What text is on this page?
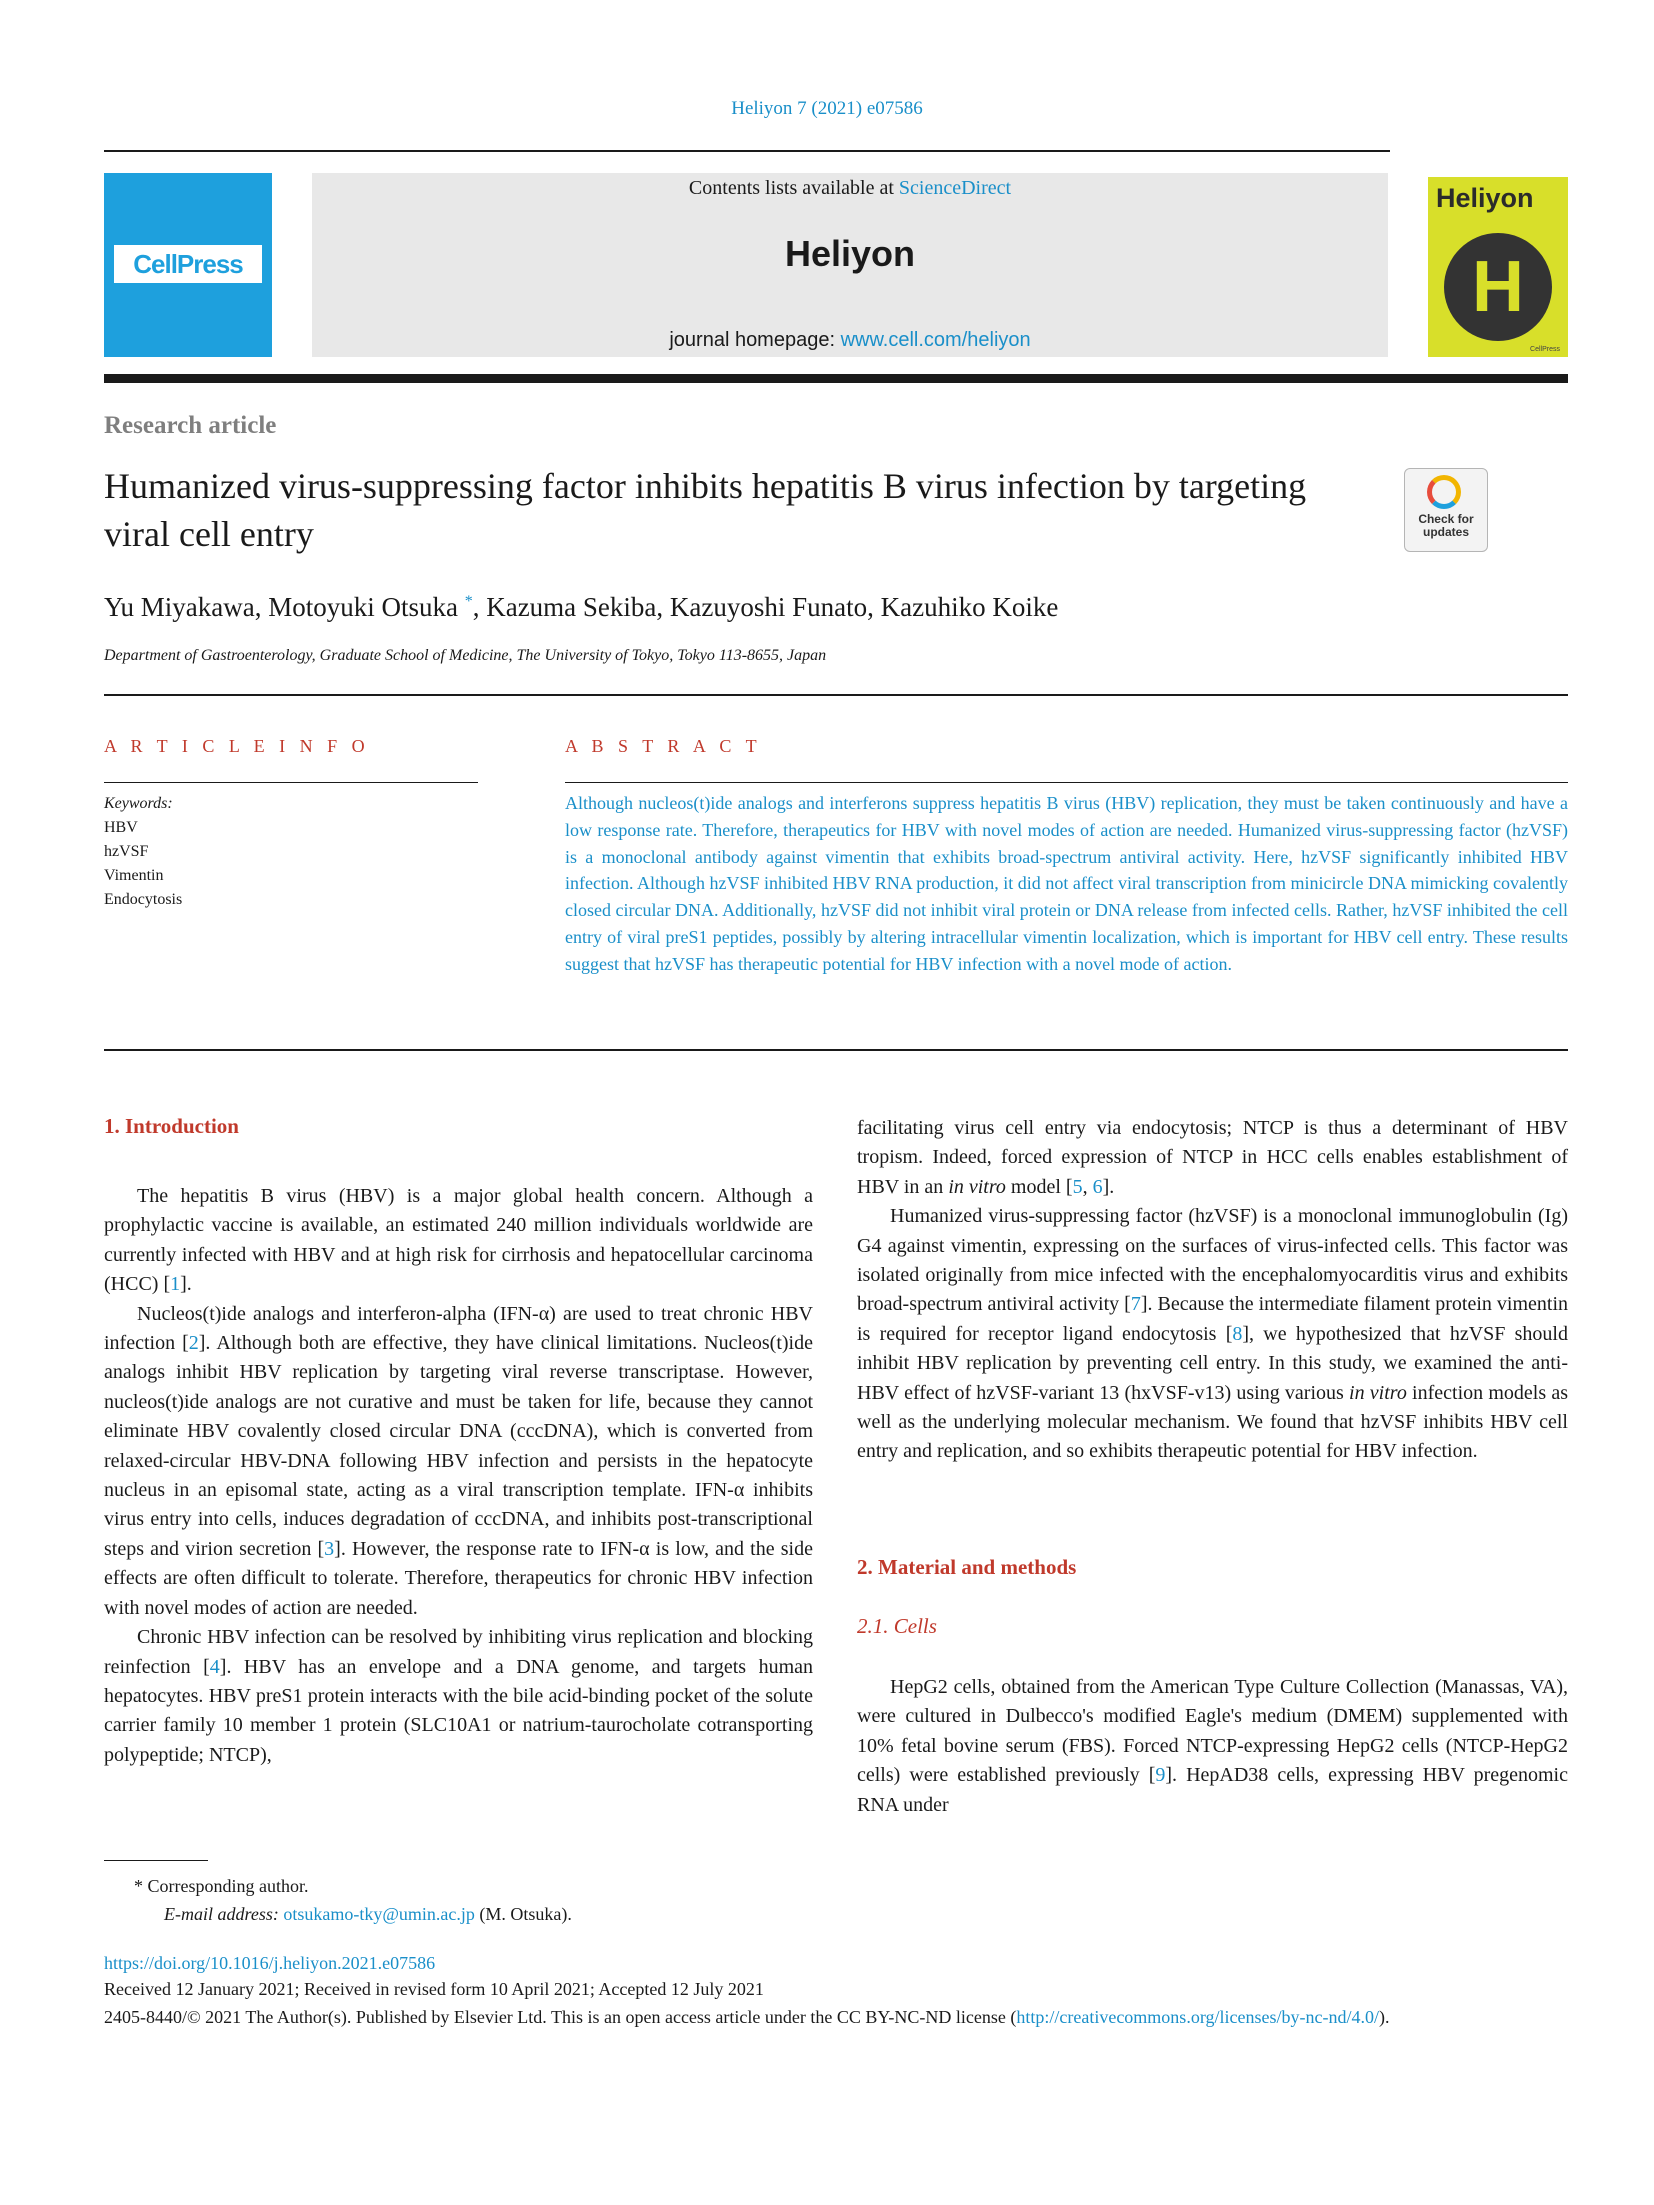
Heliyon 7 (2021) e07586
CellPress
Contents lists available at ScienceDirect
Heliyon
journal homepage: www.cell.com/heliyon
Heliyon
H
CellPress
Research article
Humanized virus-suppressing factor inhibits hepatitis B virus infection by targeting viral cell entry	Check for updates
Yu Miyakawa, Motoyuki Otsuka *, Kazuma Sekiba, Kazuyoshi Funato, Kazuhiko Koike
Department of Gastroenterology, Graduate School of Medicine, The University of Tokyo, Tokyo 113-8655, Japan
A R T I C L E I N F O	A B S T R A C T
Keywords:
HBV
hzVSF
Vimentin
Endocytosis
Although nucleos(t)ide analogs and interferons suppress hepatitis B virus (HBV) replication, they must be taken continuously and have a low response rate. Therefore, therapeutics for HBV with novel modes of action are needed. Humanized virus-suppressing factor (hzVSF) is a monoclonal antibody against vimentin that exhibits broad-spectrum antiviral activity. Here, hzVSF significantly inhibited HBV infection. Although hzVSF inhibited HBV RNA production, it did not affect viral transcription from minicircle DNA mimicking covalently closed circular DNA. Additionally, hzVSF did not inhibit viral protein or DNA release from infected cells. Rather, hzVSF inhibited the cell entry of viral preS1 peptides, possibly by altering intracellular vimentin localization, which is important for HBV cell entry. These results suggest that hzVSF has therapeutic potential for HBV infection with a novel mode of action.
1. Introduction

The hepatitis B virus (HBV) is a major global health concern. Although a prophylactic vaccine is available, an estimated 240 million individuals worldwide are currently infected with HBV and at high risk for cirrhosis and hepatocellular carcinoma (HCC) [1].

Nucleos(t)ide analogs and interferon-alpha (IFN-α) are used to treat chronic HBV infection [2]. Although both are effective, they have clinical limitations. Nucleos(t)ide analogs inhibit HBV replication by targeting viral reverse transcriptase. However, nucleos(t)ide analogs are not curative and must be taken for life, because they cannot eliminate HBV covalently closed circular DNA (cccDNA), which is converted from relaxed-circular HBV-DNA following HBV infection and persists in the hepatocyte nucleus in an episomal state, acting as a viral transcription template. IFN-α inhibits virus entry into cells, induces degradation of cccDNA, and inhibits post-transcriptional steps and virion secretion [3]. However, the response rate to IFN-α is low, and the side effects are often difficult to tolerate. Therefore, therapeutics for chronic HBV infection with novel modes of action are needed.

Chronic HBV infection can be resolved by inhibiting virus replication and blocking reinfection [4]. HBV has an envelope and a DNA genome, and targets human hepatocytes. HBV preS1 protein interacts with the bile acid-binding pocket of the solute carrier family 10 member 1 protein (SLC10A1 or natrium-taurocholate cotransporting polypeptide; NTCP),

facilitating virus cell entry via endocytosis; NTCP is thus a determinant of HBV tropism. Indeed, forced expression of NTCP in HCC cells enables establishment of HBV in an in vitro model [5, 6].

Humanized virus-suppressing factor (hzVSF) is a monoclonal immunoglobulin (Ig) G4 against vimentin, expressing on the surfaces of virus-infected cells. This factor was isolated originally from mice infected with the encephalomyocarditis virus and exhibits broad-spectrum antiviral activity [7]. Because the intermediate filament protein vimentin is required for receptor ligand endocytosis [8], we hypothesized that hzVSF should inhibit HBV replication by preventing cell entry. In this study, we examined the anti-HBV effect of hzVSF-variant 13 (hxVSF-v13) using various in vitro infection models as well as the underlying molecular mechanism. We found that hzVSF inhibits HBV cell entry and replication, and so exhibits therapeutic potential for HBV infection.

2. Material and methods
2.1. Cells

HepG2 cells, obtained from the American Type Culture Collection (Manassas, VA), were cultured in Dulbecco's modified Eagle's medium (DMEM) supplemented with 10% fetal bovine serum (FBS). Forced NTCP-expressing HepG2 cells (NTCP-HepG2 cells) were established previously [9]. HepAD38 cells, expressing HBV pregenomic RNA under

* Corresponding author.
E-mail address: otsukamo-tky@umin.ac.jp (M. Otsuka).
https://doi.org/10.1016/j.heliyon.2021.e07586
Received 12 January 2021; Received in revised form 10 April 2021; Accepted 12 July 2021
2405-8440/© 2021 The Author(s). Published by Elsevier Ltd. This is an open access article under the CC BY-NC-ND license (http://creativecommons.org/licenses/by-nc-nd/4.0/).
